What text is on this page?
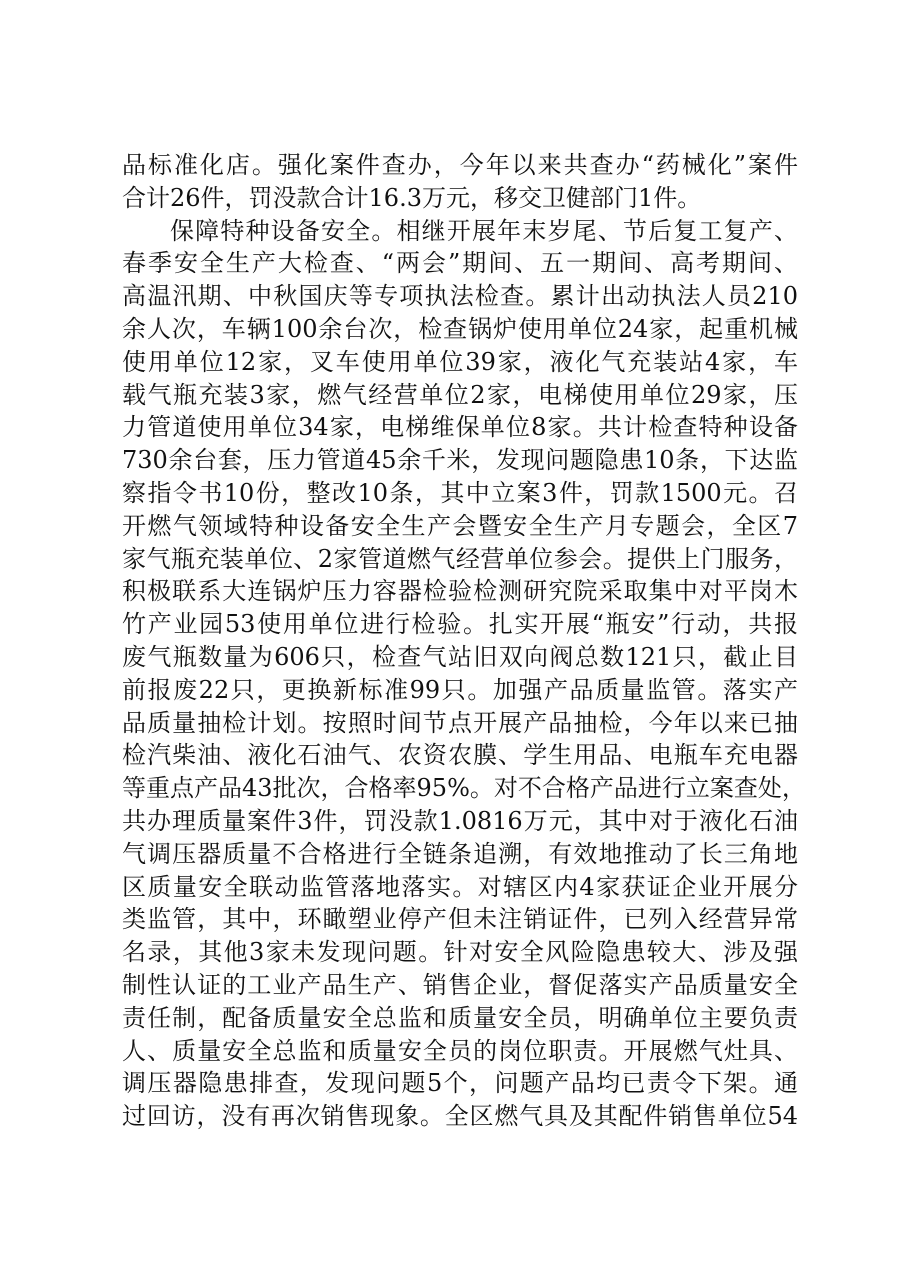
品标准化店。强化案件查办，今年以来共查办“药械化”案件
合计26件，罚没款合计16.3万元，移交卫健部门1件。
保障特种设备安全。相继开展年末岁尾、节后复工复产、
春季安全生产大检查、“两会”期间、五一期间、高考期间、
高温汛期、中秋国庆等专项执法检查。累计出动执法人员210
余人次，车辆100余台次，检查锅炉使用单位24家，起重机械
使用单位12家，叉车使用单位39家，液化气充装站4家，车
载气瓶充装3家，燃气经营单位2家，电梯使用单位29家，压
力管道使用单位34家，电梯维保单位8家。共计检查特种设备
730余台套，压力管道45余千米，发现问题隐患10条，下达监
察指令书10份，整改10条，其中立案3件，罚款1500元。召
开燃气领域特种设备安全生产会暨安全生产月专题会，全区7
家气瓶充装单位、2家管道燃气经营单位参会。提供上门服务，
积极联系大连锅炉压力容器检验检测研究院采取集中对平岗木
竹产业园53使用单位进行检验。扎实开展“瓶安”行动，共报
废气瓶数量为606只，检查气站旧双向阀总数121只，截止目
前报废22只，更换新标准99只。加强产品质量监管。落实产
品质量抽检计划。按照时间节点开展产品抽检，今年以来已抽
检汽柴油、液化石油气、农资农膜、学生用品、电瓶车充电器
等重点产品43批次，合格率95%。对不合格产品进行立案查处，
共办理质量案件3件，罚没款1.0816万元，其中对于液化石油
气调压器质量不合格进行全链条追溯，有效地推动了长三角地
区质量安全联动监管落地落实。对辖区内4家获证企业开展分
类监管，其中，环瞰塑业停产但未注销证件，已列入经营异常
名录，其他3家未发现问题。针对安全风险隐患较大、涉及强
制性认证的工业产品生产、销售企业，督促落实产品质量安全
责任制，配备质量安全总监和质量安全员，明确单位主要负责
人、质量安全总监和质量安全员的岗位职责。开展燃气灶具、
调压器隐患排查，发现问题5个，问题产品均已责令下架。通
过回访，没有再次销售现象。全区燃气具及其配件销售单位54
